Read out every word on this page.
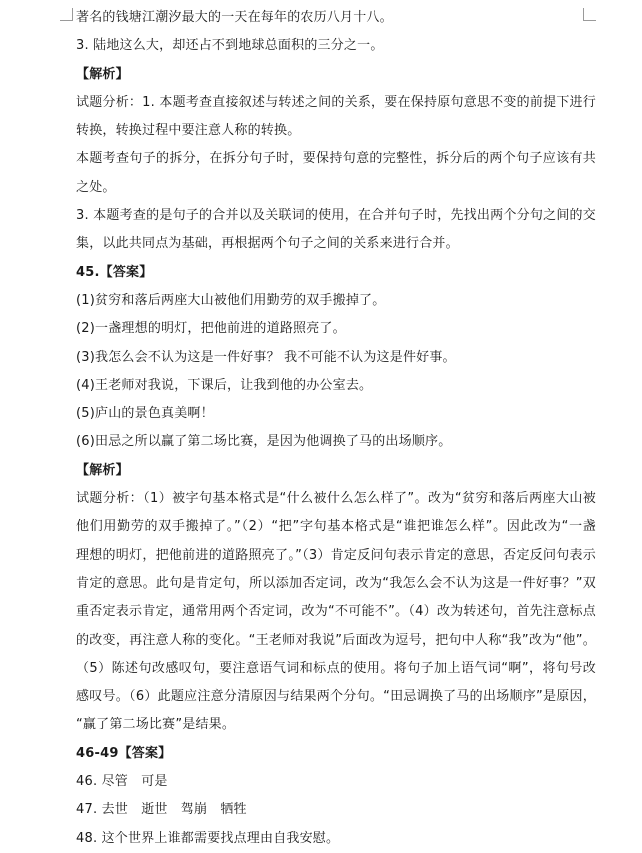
著名的钱塘江潮汐最大的一天在每年的农历八月十八。
3. 陆地这么大，却还占不到地球总面积的三分之一。
【解析】
试题分析：1. 本题考查直接叙述与转述之间的关系，要在保持原句意思不变的前提下进行
转换，转换过程中要注意人称的转换。
本题考查句子的拆分，在拆分句子时，要保持句意的完整性，拆分后的两个句子应该有共
之处。
3. 本题考查的是句子的合并以及关联词的使用，在合并句子时，先找出两个分句之间的交
集，以此共同点为基础，再根据两个句子之间的关系来进行合并。
45.【答案】
(1)贫穷和落后两座大山被他们用勤劳的双手搬掉了。
(2)一盏理想的明灯，把他前进的道路照亮了。
(3)我怎么会不认为这是一件好事？ 我不可能不认为这是件好事。
(4)王老师对我说，下课后，让我到他的办公室去。
(5)庐山的景色真美啊！
(6)田忌之所以赢了第二场比赛，是因为他调换了马的出场顺序。
【解析】
试题分析：（1）被字句基本格式是“什么被什么怎么样了”。改为“贫穷和落后两座大山被
他们用勤劳的双手搬掉了。”（2）“把”字句基本格式是“谁把谁怎么样”。因此改为“一盏
理想的明灯，把他前进的道路照亮了。”（3）肯定反问句表示肯定的意思，否定反问句表示
肯定的意思。此句是肯定句，所以添加否定词，改为“我怎么会不认为这是一件好事？”双
重否定表示肯定，通常用两个否定词，改为“不可能不”。（4）改为转述句，首先注意标点
的改变，再注意人称的变化。“王老师对我说”后面改为逗号，把句中人称“我”改为“他”。
（5）陈述句改感叹句，要注意语气词和标点的使用。将句子加上语气词“啊”，将句号改
感叹号。（6）此题应注意分清原因与结果两个分句。“田忌调换了马的出场顺序”是原因，
“赢了第二场比赛”是结果。
46-49【答案】
46. 尽管　可是
47. 去世　逝世　驾崩　牺牲
48. 这个世界上谁都需要找点理由自我安慰。
